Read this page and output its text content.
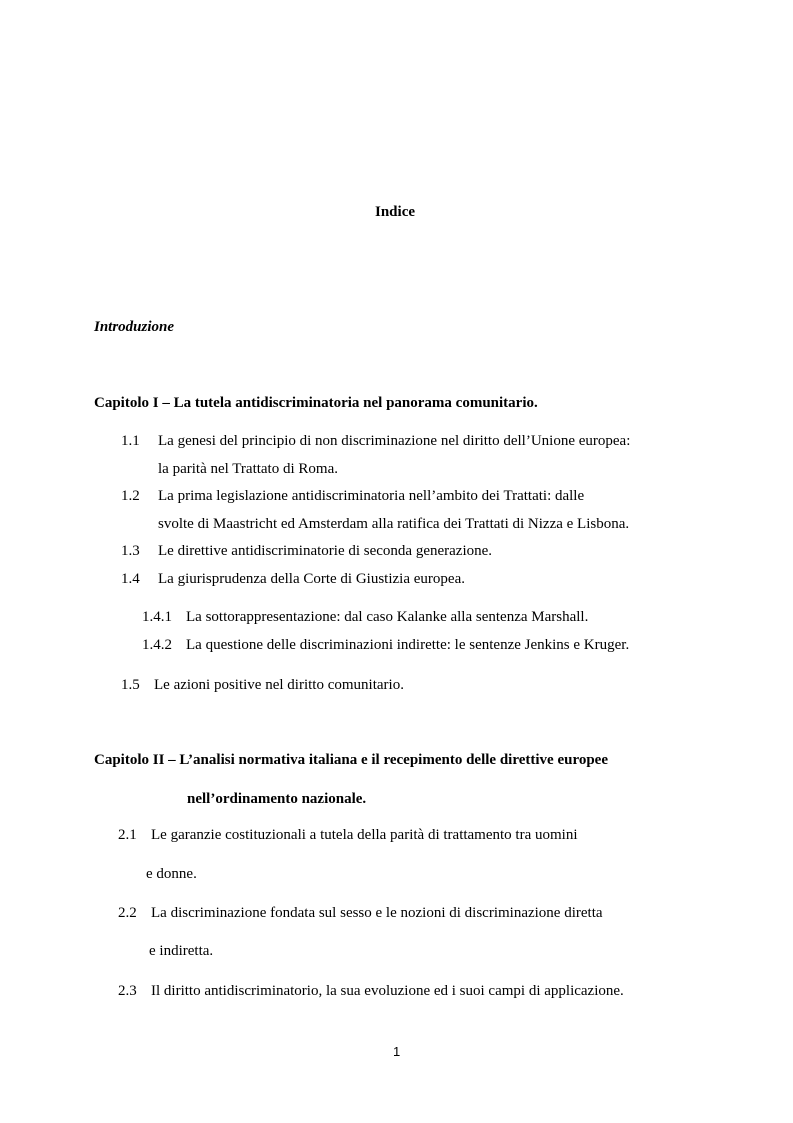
Indice
Introduzione
Capitolo I – La tutela antidiscriminatoria nel panorama comunitario.
1.1 La genesi del principio di non discriminazione nel diritto dell’Unione europea:
la parità nel Trattato di Roma.
1.2 La prima legislazione antidiscriminatoria nell’ambito dei Trattati: dalle
svolte di Maastricht ed Amsterdam alla ratifica dei Trattati di Nizza e Lisbona.
1.3 Le direttive antidiscriminatorie di seconda generazione.
1.4 La giurisprudenza della Corte di Giustizia europea.
1.4.1 La sottorappresentazione: dal caso Kalanke alla sentenza Marshall.
1.4.2 La questione delle discriminazioni indirette: le sentenze Jenkins e Kruger.
1.5 Le azioni positive nel diritto comunitario.
Capitolo II – L’analisi normativa italiana e il recepimento delle direttive europee
nell’ordinamento nazionale.
2.1 Le garanzie costituzionali a tutela della parità di trattamento tra uomini
e donne.
2.2 La discriminazione fondata sul sesso e le nozioni di discriminazione diretta
e indiretta.
2.3 Il diritto antidiscriminatorio, la sua evoluzione ed i suoi campi di applicazione.
1
